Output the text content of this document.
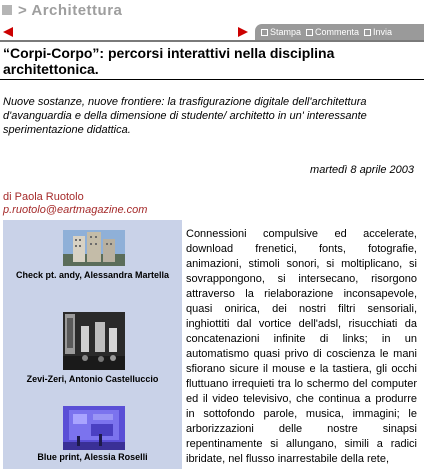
> Architettura
Stampa Commenta Invia
“Corpi-Corpo”: percorsi interattivi nella disciplina architettonica.

Nuove sostanze, nuove frontiere: la trasfigurazione digitale dell'architettura d'avanguardia e della dimensione di studente/ architetto in un' interessante sperimentazione didattica.

martedì 8 aprile 2003
di Paola Ruotolo
p.ruotolo@eartmagazine.com
Check pt. andy, Alessandra Martella
Zevi-Zeri, Antonio Castelluccio
Blue print, Alessia Roselli

Connessioni compulsive ed accelerate, download frenetici, fonts, fotografie, animazioni, stimoli sonori, si moltiplicano, si sovrappongono, si intersecano, risorgono attraverso la rielaborazione inconsapevole, quasi onirica, dei nostri filtri sensoriali, inghiottiti dal vortice dell'adsl, risucchiati da concatenazioni infinite di links; in un automatismo quasi privo di coscienza le mani sfiorano sicure il mouse e la tastiera, gli occhi fluttuano irrequieti tra lo schermo del computer ed il video televisivo, che continua a produrre in sottofondo parole, musica, immagini; le arborizzazioni delle nostre sinapsi repentinamente si allungano, simili a radici ibridate, nel flusso inarrestabile della rete,
